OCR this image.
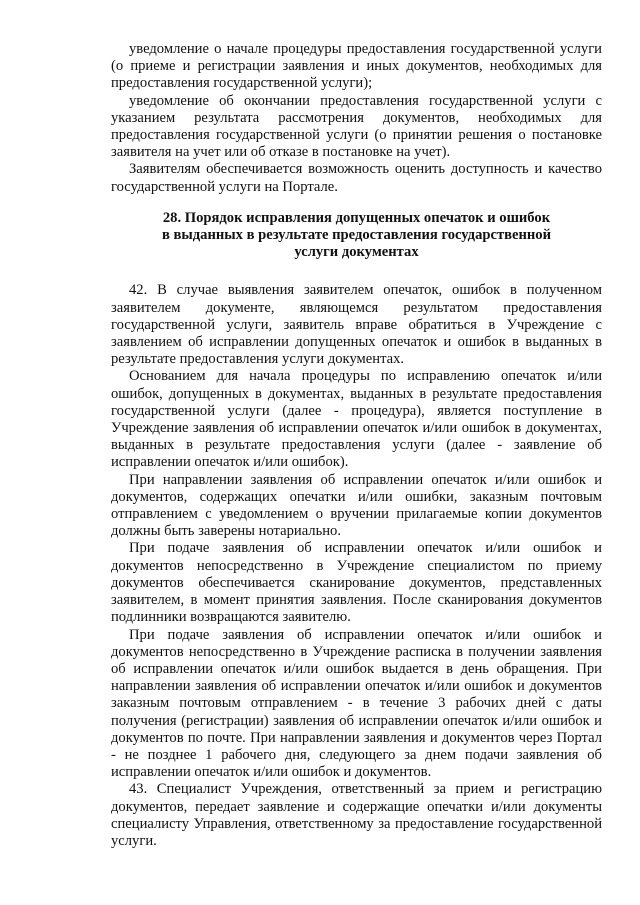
уведомление о начале процедуры предоставления государственной услуги (о приеме и регистрации заявления и иных документов, необходимых для предоставления государственной услуги);

уведомление об окончании предоставления государственной услуги с указанием результата рассмотрения документов, необходимых для предоставления государственной услуги (о принятии решения о постановке заявителя на учет или об отказе в постановке на учет).

Заявителям обеспечивается возможность оценить доступность и качество государственной услуги на Портале.

28. Порядок исправления допущенных опечаток и ошибок
в выданных в результате предоставления государственной
услуги документах

42. В случае выявления заявителем опечаток, ошибок в полученном заявителем документе, являющемся результатом предоставления государственной услуги, заявитель вправе обратиться в Учреждение с заявлением об исправлении допущенных опечаток и ошибок в выданных в результате предоставления услуги документах.

Основанием для начала процедуры по исправлению опечаток и/или ошибок, допущенных в документах, выданных в результате предоставления государственной услуги (далее - процедура), является поступление в Учреждение заявления об исправлении опечаток и/или ошибок в документах, выданных в результате предоставления услуги (далее - заявление об исправлении опечаток и/или ошибок).

При направлении заявления об исправлении опечаток и/или ошибок и документов, содержащих опечатки и/или ошибки, заказным почтовым отправлением с уведомлением о вручении прилагаемые копии документов должны быть заверены нотариально.

При подаче заявления об исправлении опечаток и/или ошибок и документов непосредственно в Учреждение специалистом по приему документов обеспечивается сканирование документов, представленных заявителем, в момент принятия заявления. После сканирования документов подлинники возвращаются заявителю.

При подаче заявления об исправлении опечаток и/или ошибок и документов непосредственно в Учреждение расписка в получении заявления об исправлении опечаток и/или ошибок выдается в день обращения. При направлении заявления об исправлении опечаток и/или ошибок и документов заказным почтовым отправлением - в течение 3 рабочих дней с даты получения (регистрации) заявления об исправлении опечаток и/или ошибок и документов по почте. При направлении заявления и документов через Портал - не позднее 1 рабочего дня, следующего за днем подачи заявления об исправлении опечаток и/или ошибок и документов.

43. Специалист Учреждения, ответственный за прием и регистрацию документов, передает заявление и содержащие опечатки и/или документы специалисту Управления, ответственному за предоставление государственной услуги.
